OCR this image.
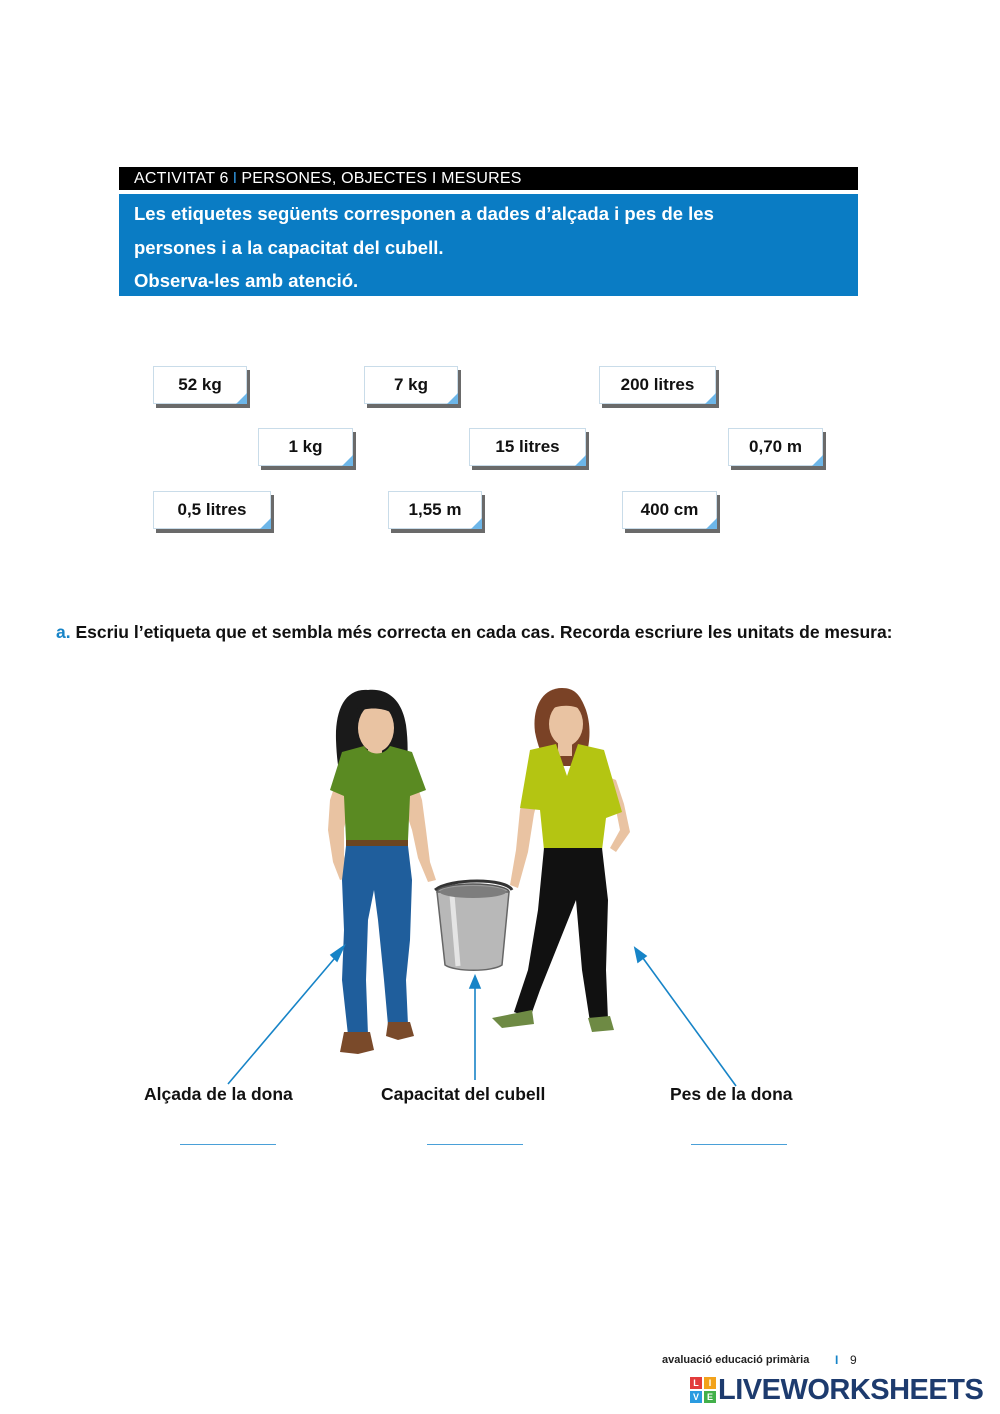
ACTIVITAT 6 I PERSONES, OBJECTES I MESURES
Les etiquetes següents corresponen a dades d’alçada i pes de les
persones i a la capacitat del cubell.
Observa-les amb atenció.
52 kg	7 kg	200 litres
1 kg	15 litres	0,70 m
0,5 litres	1,55 m	400 cm
a. Escriu l’etiqueta que et sembla més correcta en cada cas. Recorda escriure les unitats de mesura:
Alçada de la dona	Capacitat del cubell	Pes de la dona
avaluació educació primària I 9
L	I
V E LIVEWORKSHEETS
